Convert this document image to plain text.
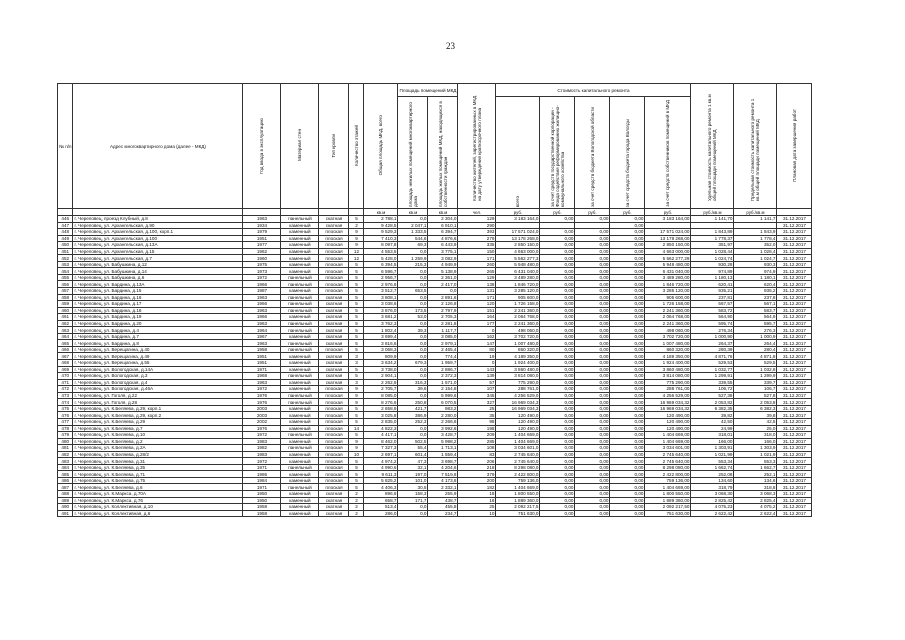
23
№ п/п	Адрес многоквартирного дома (далее - МКД)	Год ввода в эксплуатацию	Материал стен	Тип кровли	Количество этажей	Общая площадь МКД, всего	Площадь помещений МКД		Количество жителей, зарегистрированных в МКД на дату утверждения краткосрочного плана	Стоимость капитального ремонта					Удельная стоимость капитального ремонта 1 кв.м общей площади помещений МКД	Предельная стоимость капитального ремонта 1 кв.м общей площади помещений МКД	Плановая дата завершения работ
							площадь нежилых помещений многоквартирного дома	площадь жилых помещений МКД, находящихся в собственности граждан		всего	за счет средств государственной корпорации - Фонда содействия реформированию жилищно-коммунального хозяйства	за счет средств бюджета Вологодской области	за счет средств бюджета города Вологды	за счет средств собственников помещений в МКД			
						кв.м	кв.м	кв.м	чел.	руб.	руб.	руб.	руб.	руб.	руб./кв.м	руб./кв.м	
446	г. Череповец, проезд Клубный, д.8	1963	панельный	скатная	5	2 788,1	0,0	2 304,0	129	3 183 164,0	0,00	0,00	0,00	3 183 164,00	1 141,70	1 141,7	31.12.2017
447	г. Череповец, ул. Архангельская, д.90	1934	каменный	скатная	2	9 428,5	2 047,1	6 910,1	290				0,00				31.12.2017
448	г. Череповец, ул. Архангельская, д.100, корп.1	1979	каменный	плоская	9	9 529,3	1 333,5	6 394,7	393	17 571 024,0	0,00	0,00	0,00	17 571 024,00	1 843,89	1 843,9	31.12.2017
449	г. Череповец, ул. Архангельская, д.100	1951	каменный	плоская	9	7 410,3	544,6	4 876,6	279	13 178 268,0	0,00	0,00	0,00	13 178 268,00	1 778,37	1 778,4	31.12.2017
450	г. Череповец, ул. Архангельская, д.13А	1977	каменный	плоская	9	8 097,8	69,3	6 443,9	335	2 850 150,0	0,00	0,00	0,00	2 850 150,00	351,97	352,0	31.12.2017
451	г. Череповец, ул. Архангельская, д.15	1962	каменный	плоская	12	4 553,5	0,0	3 775,1	150	4 663 000,0	0,00	0,00	0,00	4 663 000,00	1 028,44	1 028,4	31.12.2017
452	г. Череповец, ул. Архангельская, д.7	1960	каменный	плоская	12	5 428,0	1 259,9	3 082,9	171	5 562 277,3	0,00	0,00	0,00	5 562 277,29	1 024,74	1 024,7	31.12.2017
453	г. Череповец, ул. Бабушкина, д.12	1975	каменный	плоская	5	6 394,5	215,3	4 949,9	260	5 948 480,0	0,00	0,00	0,00	5 948 480,00	930,28	930,3	31.12.2017
454	г. Череповец, ул. Бабушкина, д.14	1973	каменный	плоская	5	6 596,7	0,0	5 138,9	265	6 431 040,0	0,00	0,00	0,00	6 431 040,00	974,89	974,9	31.12.2017
455	г. Череповец, ул. Бабушкина, д.6	1972	панельный	плоская	5	2 956,7	0,0	2 361,0	129	3 489 280,0	0,00	0,00	0,00	3 489 280,00	1 180,13	1 180,1	31.12.2017
456	г. Череповец, ул. Бардина, д.13А	1966	панельный	плоская	5	2 976,6	0,0	2 417,0	138	1 846 720,0	0,00	0,00	0,00	1 846 720,00	620,41	620,4	31.12.2017
457	г. Череповец, ул. Бардина, д.15	1987	каменный	плоская	5	3 512,7	653,5	0,0	131	3 285 120,0	0,00	0,00	0,00	3 285 120,00	935,21	935,2	31.12.2017
458	г. Череповец, ул. Бардина, д.16	1963	панельный	скатная	5	3 808,1	0,0	2 891,6	171	905 600,0	0,00	0,00	0,00	905 600,00	237,81	237,8	31.12.2017
459	г. Череповец, ул. Бардина, д.17	1966	панельный	скатная	5	3 038,6	0,0	2 126,8	120	1 726 158,0	0,00	0,00	0,00	1 726 158,00	567,57	567,1	31.12.2017
460	г. Череповец, ул. Бардина, д.18	1963	панельный	скатная	5	3 876,0	173,5	2 797,9	151	2 241 360,0	0,00	0,00	0,00	2 241 360,00	583,72	583,7	31.12.2017
461	г. Череповец, ул. Бардина, д.19	1966	каменный	скатная	5	3 681,2	53,0	2 705,3	164	2 064 768,0	0,00	0,00	0,00	2 064 768,00	564,90	564,9	31.12.2017
462	г. Череповец, ул. Бардина, д.20	1963	панельный	скатная	5	3 762,3	0,0	2 281,8	177	2 241 360,0	0,00	0,00	0,00	2 241 360,00	595,74	595,7	31.12.2017
463	г. Череповец, ул. Бардина, д.4	1964	панельный	скатная	5	1 802,4	39,3	1 117,7	0	498 060,0	0,00	0,00	0,00	498 060,00	276,34	276,3	31.12.2017
464	г. Череповец, ул. Бардина, д.7	1967	каменный	скатная	5	3 699,4	0,0	3 085,0	162	3 702 720,0	0,00	0,00	0,00	3 702 720,00	1 000,90	1 000,9	31.12.2017
465	г. Череповец, ул. Бардина, д.8	1963	панельный	скатная	5	3 816,6	0,0	2 979,1	147	1 007 480,0	0,00	0,00	0,00	1 007 480,00	264,37	264,4	31.12.2017
466	г. Череповец, ул. Верещагина, д.40	1958	панельный	плоская	5	3 068,3	0,0	2 465,4	80	860 320,0	0,00	0,00	0,00	860 320,00	280,39	280,4	31.12.2017
467	г. Череповец, ул. Верещагина, д.49	1951	каменный	скатная	3	809,9	0,0	774,4	19	4 189 350,0	0,00	0,00	0,00	4 189 350,00	4 871,76	4 871,8	31.12.2017
468	г. Череповец, ул. Верещагина, д.55	1951	каменный	скатная	3	3 634,2	679,3	1 959,7	0	1 924 400,0	0,00	0,00	0,00	1 924 400,00	529,53	529,5	31.12.2017
469	г. Череповец, ул. Вологодская, д.14А	1971	каменный	скатная	5	3 738,0	0,0	2 886,7	143	3 860 480,0	0,00	0,00	0,00	3 860 480,00	1 032,77	1 032,8	31.12.2017
470	г. Череповец, ул. Вологодская, д.3	1968	панельный	скатная	5	2 904,1	0,0	2 372,3	139	3 814 080,0	0,00	0,00	0,00	3 814 080,00	1 299,91	1 299,9	31.12.2017
471	г. Череповец, ул. Вологодская, д.4	1963	каменный	скатная	3	2 262,6	316,3	1 571,0	57	775 290,0	0,00	0,00	0,00	775 290,00	339,55	339,7	31.12.2017
472	г. Череповец, ул. Вологодская, д.46А	1972	каменный	плоская	9	2 705,7	39,6	2 154,8	107	288 761,0	0,00	0,00	0,00	288 761,00	106,72	106,7	31.12.2017
473	г. Череповец, ул. Гоголя, д.22	1976	панельный	плоская	9	8 085,0	0,0	5 999,6	345	4 256 529,0	0,00	0,00	0,00	4 256 529,00	527,38	527,8	31.12.2017
474	г. Череповец, ул. Гоголя, д.28	1976	панельный	плоская	9	8 276,6	250,8	6 070,5	327	16 969 034,3	0,00	0,00	0,00	16 969 034,32	2 053,82	2 053,8	31.12.2017
475	г. Череповец, ул. К.Беляева, д.29, корп.1	2003	каменный	плоская	5	2 658,9	421,7	983,2	25	16 969 034,3	0,00	0,00	0,00	16 969 034,32	6 382,35	6 382,3	31.12.2017
476	г. Череповец, ул. К.Беляева, д.29, корп.2	2003	каменный	плоская	5	3 025,8	386,9	2 280,0	35	120 490,0	0,00	0,00	0,00	120 490,00	39,82	39,8	31.12.2017
477	г. Череповец, ул. К.Беляева, д.29	2002	каменный	плоская	5	2 835,0	252,3	2 266,6	98	120 490,0	0,00	0,00	0,00	120 490,00	42,50	42,5	31.12.2017
478	г. Череповец, ул. К.Беляева, д.7	1976	каменный	плоская	14	4 822,3	0,0	3 992,6	198	120 490,0	0,00	0,00	0,00	120 490,00	24,99	25,0	31.12.2017
479	г. Череповец, ул. К.Беляева, д.10	1972	панельный	плоская	5	4 417,1	0,0	3 428,7	209	1 404 669,0	0,00	0,00	0,00	1 404 669,00	318,01	318,0	31.12.2017
480	г. Череповец, ул. К.Беляева, д.2	1983	каменный	плоская	9	8 462,0	502,5	5 998,2	285	1 404 669,0	0,00	0,00	0,00	1 404 669,00	166,00	166,0	31.12.2017
481	г. Череповец, ул. К.Беляева, д.2А	1982	панельный	плоская	9	7 327,3	55,4	1 713,1	108	3 034 601,0	0,00	0,00	0,00	3 034 601,00	1 303,91	1 303,9	31.12.2017
482	г. Череповец, ул. К.Беляева, д.28/2	1983	каменный	плоская	10	2 697,1	601,4	1 559,4	83	2 745 640,0	0,00	0,00	0,00	2 745 640,00	1 021,99	1 021,9	31.12.2017
483	г. Череповец, ул. К.Беляева, д.31	1972	каменный	плоская	5	4 974,2	47,3	3 698,7	206	2 745 640,0	0,00	0,00	0,00	2 745 640,00	553,34	553,3	31.12.2017
484	г. Череповец, ул. К.Беляева, д.35	1971	панельный	плоская	5	4 990,6	32,1	4 204,6	218	8 298 080,0	0,00	0,00	0,00	8 298 080,00	1 662,74	1 662,7	31.12.2017
485	г. Череповец, ул. К.Беляева, д.71	1986	каменный	плоская	5	9 611,3	197,0	7 519,8	379	2 422 800,0	0,00	0,00	0,00	2 422 800,00	252,08	252,1	31.12.2017
486	г. Череповец, ул. К.Беляева, д.75	1984	каменный	плоская	5	5 825,2	101,0	4 173,8	200	759 136,0	0,00	0,00	0,00	759 136,00	134,60	134,6	31.12.2017
487	г. Череповец, ул. К.Беляева, д.6	1971	панельный	плоская	5	4 406,3	30,5	2 332,1	182	1 404 669,0	0,00	0,00	0,00	1 404 669,00	318,79	318,8	31.12.2017
488	г. Череповец, ул. К.Маркса, д.70А	1950	каменный	скатная	2	896,6	158,3	255,9	18	1 800 550,0	0,00	0,00	0,00	1 800 550,00	3 068,30	3 068,3	31.12.2017
489	г. Череповец, ул. К.Маркса, д.76	1950	каменный	скатная	2	658,7	171,7	438,7	16	1 889 360,0	0,00	0,00	0,00	1 889 360,00	2 825,42	2 825,4	31.12.2017
490	г. Череповец, ул. Коллективная, д.10	1958	каменный	скатная	2	513,4	0,0	455,8	25	2 092 217,5	0,00	0,00	0,00	2 092 217,50	4 075,23	4 075,2	31.12.2017
491	г. Череповец, ул. Коллективная, д.6	1958	каменный	скатная	2	286,0	0,0	234,7	10	751 630,0	0,00	0,00	0,00	751 630,00	2 622,42	2 622,4	31.12.2017
